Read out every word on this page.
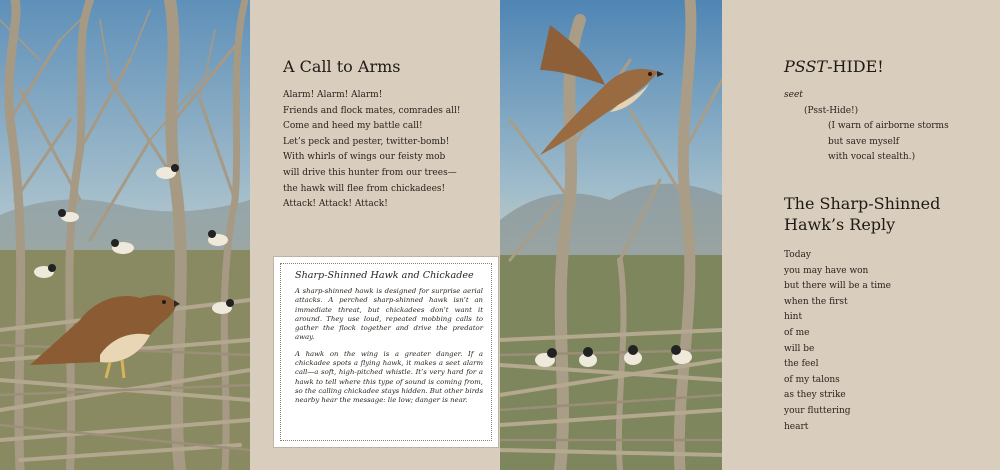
A Call to Arms
Alarm! Alarm! Alarm!
Friends and flock mates, comrades all!
Come and heed my battle call!
Let’s peck and pester, twitter-bomb!
With whirls of wings our feisty mob
will drive this hunter from our trees—
the hawk will flee from chickadees!
Attack! Attack! Attack!
Sharp-Shinned Hawk and Chickadee

A sharp-shinned hawk is designed for surprise aerial attacks. A perched sharp-shinned hawk isn’t an immediate threat, but chickadees don’t want it around. They use loud, repeated mobbing calls to gather the flock together and drive the predator away.

A hawk on the wing is a greater danger. If a chickadee spots a flying hawk, it makes a seet alarm call—a soft, high-pitched whistle. It’s very hard for a hawk to tell where this type of sound is coming from, so the calling chickadee stays hidden. But other birds nearby hear the message: lie low; danger is near.

PSST-HIDE!
seet
(Psst-Hide!)
(I warn of airborne storms
but save myself
with vocal stealth.)
The Sharp-Shinned Hawk’s Reply
Today
you may have won
but there will be a time
when the first
hint
of me
will be
the feel
of my talons
as they strike
your fluttering
heart
